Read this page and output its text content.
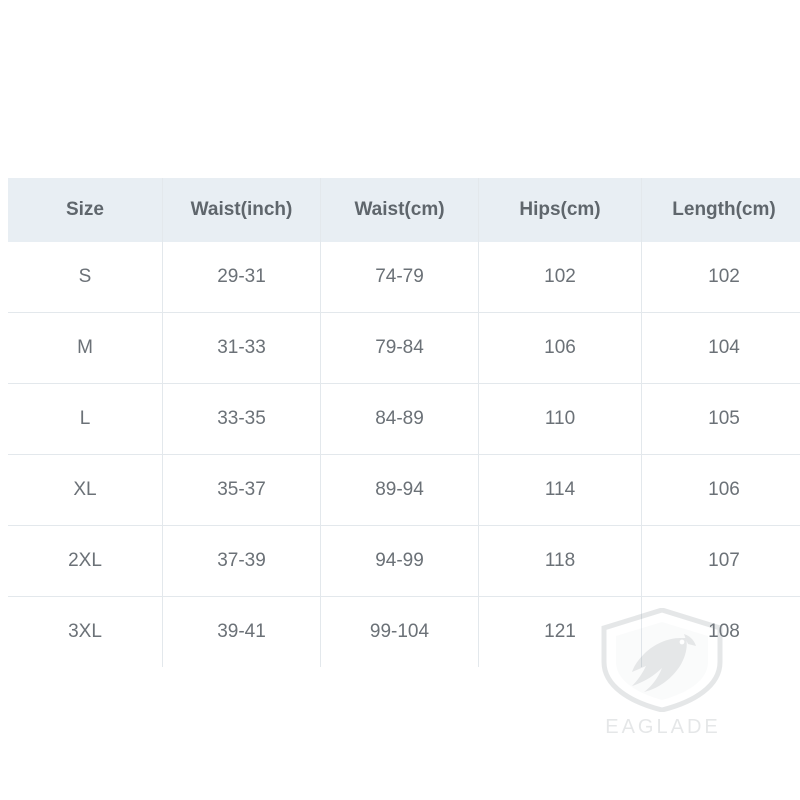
Size	Waist(inch)	Waist(cm)	Hips(cm)	Length(cm)
S	29-31	74-79	102	102
M	31-33	79-84	106	104
L	33-35	84-89	110	105
XL	35-37	89-94	114	106
2XL	37-39	94-99	118	107
3XL	39-41	99-104	121	108
EAGLADE
